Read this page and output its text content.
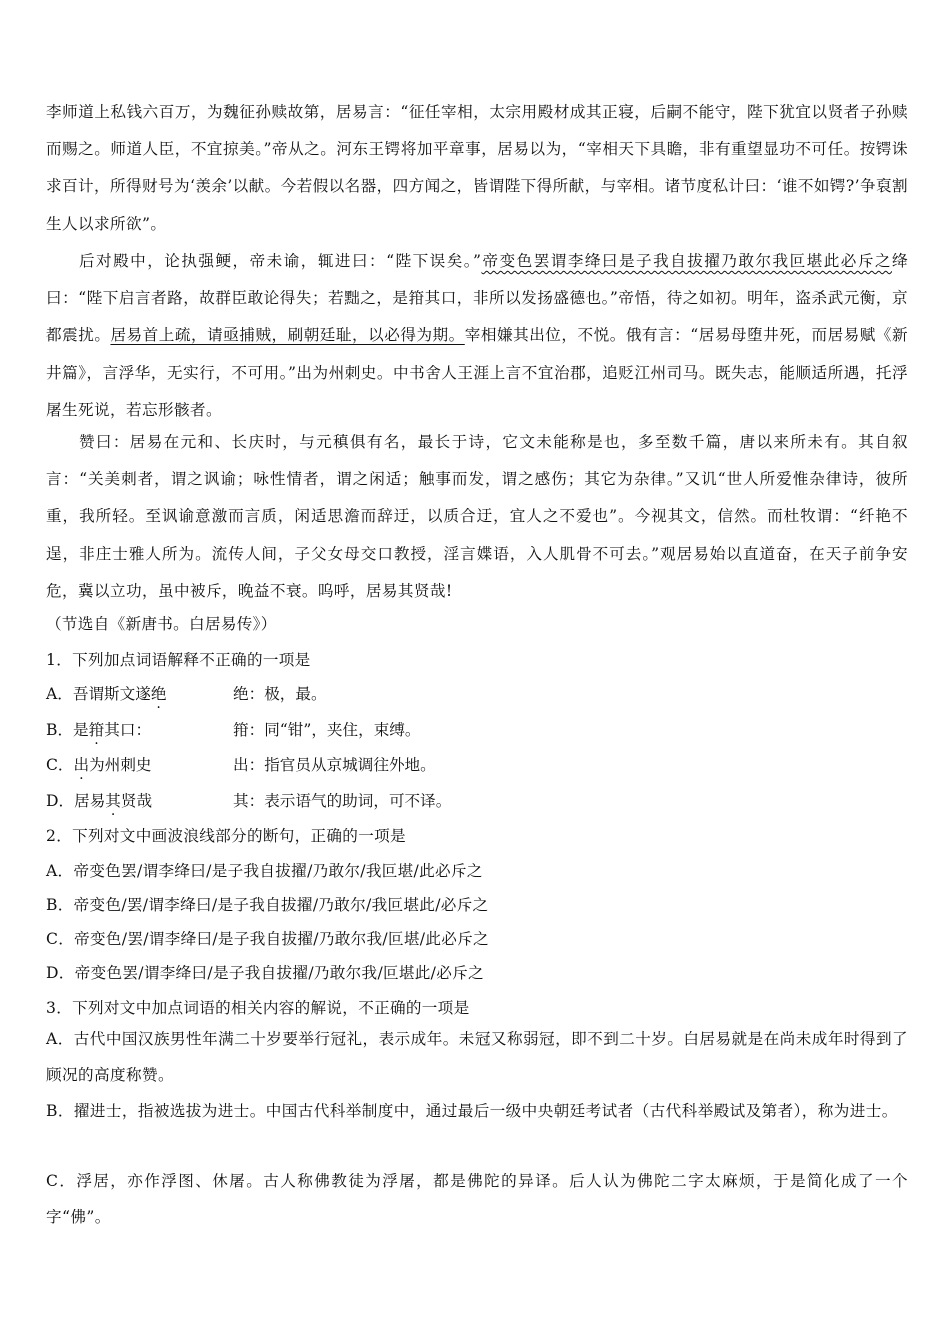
李师道上私钱六百万，为魏征孙赎故第，居易言：“征任宰相，太宗用殿材成其正寝，后嗣不能守，陛下犹宜以贤者子孙赎而赐之。师道人臣，不宜掠美。”帝从之。河东王锷将加平章事，居易以为，“宰相天下具瞻，非有重望显功不可任。按锷诛求百计，所得财号为‘羡余’以献。今若假以名器，四方闻之，皆谓陛下得所献，与宰相。诸节度私计曰：‘谁不如锷?’争裒割生人以求所欲”。

后对殿中，论执强鲠，帝未谕，辄进曰：“陛下误矣。”帝变色罢谓李绛曰是子我自拔擢乃敢尔我叵堪此必斥之绛曰：“陛下启言者路，故群臣敢论得失；若黜之，是箝其口，非所以发扬盛德也。”帝悟，待之如初。明年，盗杀武元衡，京都震扰。居易首上疏，请亟捕贼，刷朝廷耻，以必得为期。宰相嫌其出位，不悦。俄有言：“居易母堕井死，而居易赋《新井篇》，言浮华，无实行，不可用。”出为州刺史。中书舍人王涯上言不宜治郡，追贬江州司马。既失志，能顺适所遇，托浮屠生死说，若忘形骸者。

赞曰：居易在元和、长庆时，与元稹俱有名，最长于诗，它文未能称是也，多至数千篇，唐以来所未有。其自叙言：“关美刺者，谓之讽谕；咏性情者，谓之闲适；触事而发，谓之感伤；其它为杂律。”又讥“世人所爱惟杂律诗，彼所重，我所轻。至讽谕意激而言质，闲适思澹而辞迂，以质合迂，宜人之不爱也”。今视其文，信然。而杜牧谓：“纤艳不逞，非庄士雅人所为。流传人间，子父女母交口教授，淫言媟语，入人肌骨不可去。”观居易始以直道奋，在天子前争安危，冀以立功，虽中被斥，晚益不衰。呜呼，居易其贤哉!

（节选自《新唐书。白居易传》）
1．下列加点词语解释不正确的一项是
A．吾谓斯文遂绝	绝：极，最。
B．是箝其口：	箝：同“钳”，夹住，束缚。
C．出为州刺史	出：指官员从京城调往外地。
D．居易其贤哉	其：表示语气的助词，可不译。
2．下列对文中画波浪线部分的断句，正确的一项是
A．帝变色罢/谓李绛曰/是子我自拔擢/乃敢尔/我叵堪/此必斥之
B．帝变色/罢/谓李绛曰/是子我自拔擢/乃敢尔/我叵堪此/必斥之
C．帝变色/罢/谓李绛曰/是子我自拔擢/乃敢尔我/叵堪/此必斥之
D．帝变色罢/谓李绛曰/是子我自拔擢/乃敢尔我/叵堪此/必斥之
3．下列对文中加点词语的相关内容的解说，不正确的一项是

A．古代中国汉族男性年满二十岁要举行冠礼，表示成年。未冠又称弱冠，即不到二十岁。白居易就是在尚未成年时得到了顾况的高度称赞。

B．擢进士，指被选拔为进士。中国古代科举制度中，通过最后一级中央朝廷考试者（古代科举殿试及第者），称为进士。

C．浮居，亦作浮图、休屠。古人称佛教徒为浮屠，都是佛陀的异译。后人认为佛陀二字太麻烦，于是简化成了一个字“佛”。
